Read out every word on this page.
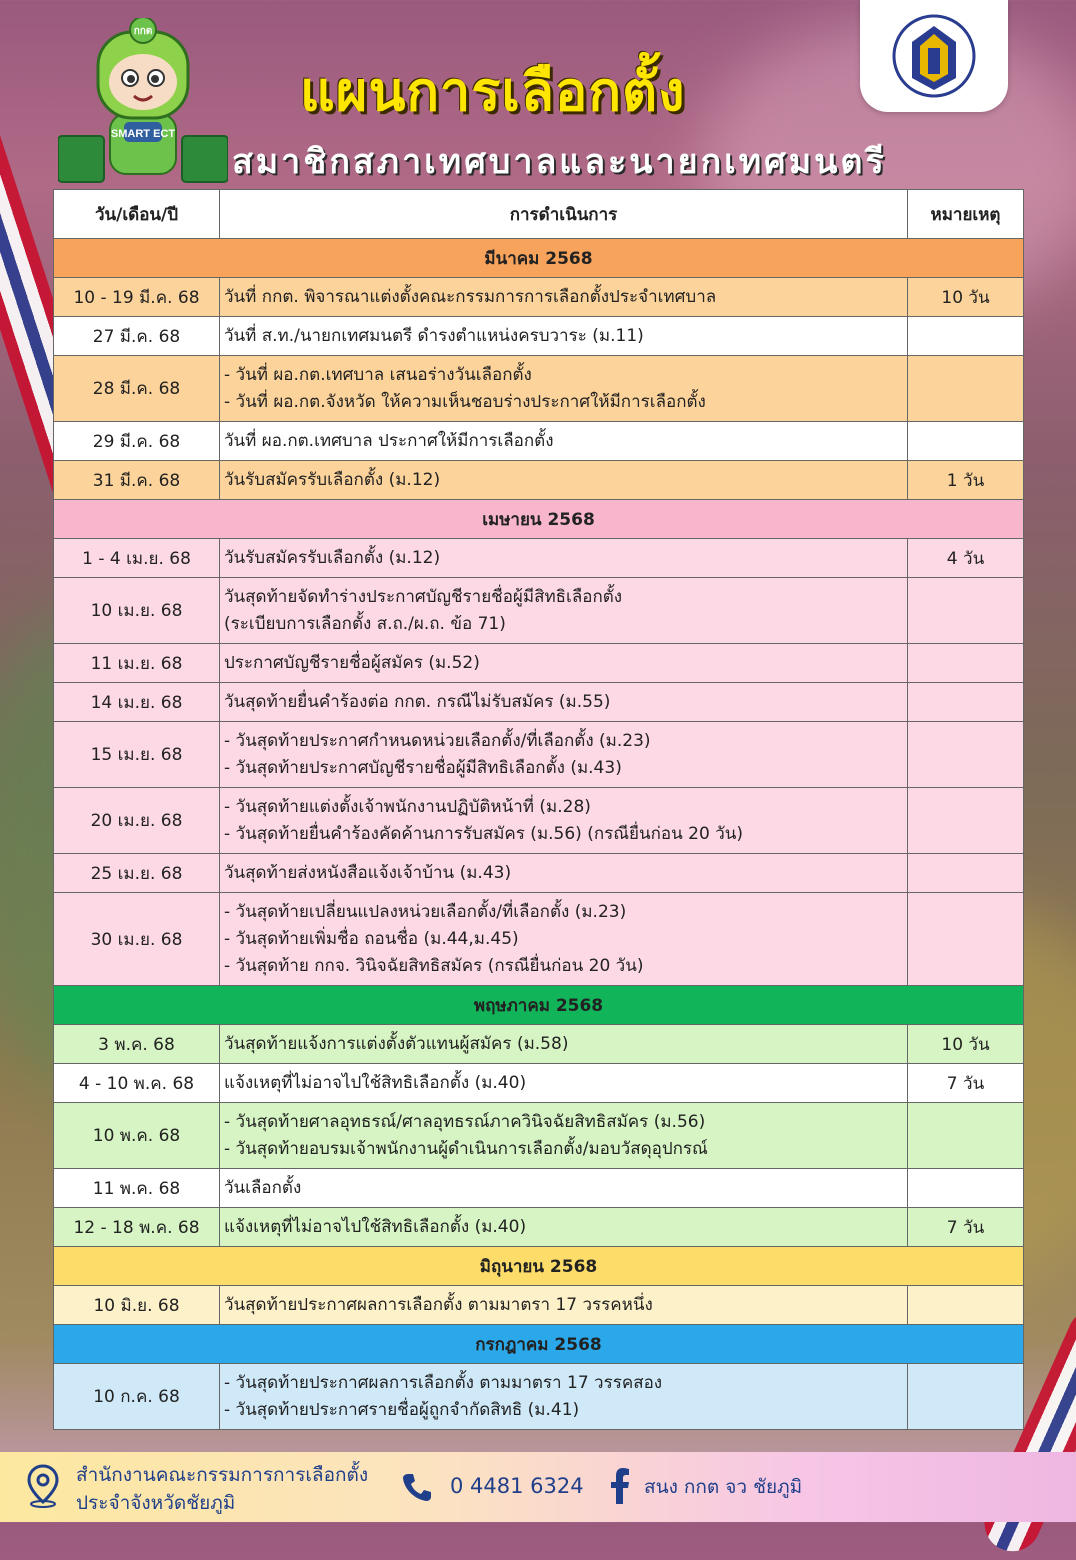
SMART ECT
กกต
แผนการเลือกตั้ง
สมาชิกสภาเทศบาลและนายกเทศมนตรี
วัน/เดือน/ปี	การดำเนินการ	หมายเหตุ
มีนาคม 2568		
10 - 19 มี.ค. 68	วันที่ กกต. พิจารณาแต่งตั้งคณะกรรมการการเลือกตั้งประจำเทศบาล	10 วัน
27 มี.ค. 68	วันที่ ส.ท./นายกเทศมนตรี ดำรงตำแหน่งครบวาระ (ม.11)	

28 มี.ค. 68	- วันที่ ผอ.กต.เทศบาล เสนอร่างวันเลือกตั้ง
- วันที่ ผอ.กต.จังหวัด ให้ความเห็นชอบร่างประกาศให้มีการเลือกตั้ง	

29 มี.ค. 68	วันที่ ผอ.กต.เทศบาล ประกาศให้มีการเลือกตั้ง	

31 มี.ค. 68	วันรับสมัครรับเลือกตั้ง (ม.12)	1 วัน
เมษายน 2568		
1 - 4 เม.ย. 68	วันรับสมัครรับเลือกตั้ง (ม.12)	4 วัน
10 เม.ย. 68	วันสุดท้ายจัดทำร่างประกาศบัญชีรายชื่อผู้มีสิทธิเลือกตั้ง
(ระเบียบการเลือกตั้ง ส.ถ./ผ.ถ. ข้อ 71)	

11 เม.ย. 68	ประกาศบัญชีรายชื่อผู้สมัคร (ม.52)	

14 เม.ย. 68	วันสุดท้ายยื่นคำร้องต่อ กกต. กรณีไม่รับสมัคร (ม.55)	

15 เม.ย. 68	- วันสุดท้ายประกาศกำหนดหน่วยเลือกตั้ง/ที่เลือกตั้ง (ม.23)
- วันสุดท้ายประกาศบัญชีรายชื่อผู้มีสิทธิเลือกตั้ง (ม.43)	

20 เม.ย. 68	- วันสุดท้ายแต่งตั้งเจ้าพนักงานปฏิบัติหน้าที่ (ม.28)
- วันสุดท้ายยื่นคำร้องคัดค้านการรับสมัคร (ม.56) (กรณียื่นก่อน 20 วัน)	

25 เม.ย. 68	วันสุดท้ายส่งหนังสือแจ้งเจ้าบ้าน (ม.43)	

30 เม.ย. 68	- วันสุดท้ายเปลี่ยนแปลงหน่วยเลือกตั้ง/ที่เลือกตั้ง (ม.23)
- วันสุดท้ายเพิ่มชื่อ ถอนชื่อ (ม.44,ม.45)
- วันสุดท้าย กกจ. วินิจฉัยสิทธิสมัคร (กรณียื่นก่อน 20 วัน)	

พฤษภาคม 2568		
3 พ.ค. 68	วันสุดท้ายแจ้งการแต่งตั้งตัวแทนผู้สมัคร (ม.58)	10 วัน
4 - 10 พ.ค. 68	แจ้งเหตุที่ไม่อาจไปใช้สิทธิเลือกตั้ง (ม.40)	7 วัน
10 พ.ค. 68	- วันสุดท้ายศาลอุทธรณ์/ศาลอุทธรณ์ภาควินิจฉัยสิทธิสมัคร (ม.56)
- วันสุดท้ายอบรมเจ้าพนักงานผู้ดำเนินการเลือกตั้ง/มอบวัสดุอุปกรณ์	

11 พ.ค. 68	วันเลือกตั้ง	

12 - 18 พ.ค. 68	แจ้งเหตุที่ไม่อาจไปใช้สิทธิเลือกตั้ง (ม.40)	7 วัน
มิถุนายน 2568		
10 มิ.ย. 68	วันสุดท้ายประกาศผลการเลือกตั้ง ตามมาตรา 17 วรรคหนึ่ง	

กรกฎาคม 2568		
10 ก.ค. 68	- วันสุดท้ายประกาศผลการเลือกตั้ง ตามมาตรา 17 วรรคสอง
- วันสุดท้ายประกาศรายชื่อผู้ถูกจำกัดสิทธิ (ม.41)	

สำนักงานคณะกรรมการการเลือกตั้ง
ประจำจังหวัดชัยภูมิ
0 4481 6324	สนง กกต จว ชัยภูมิ
